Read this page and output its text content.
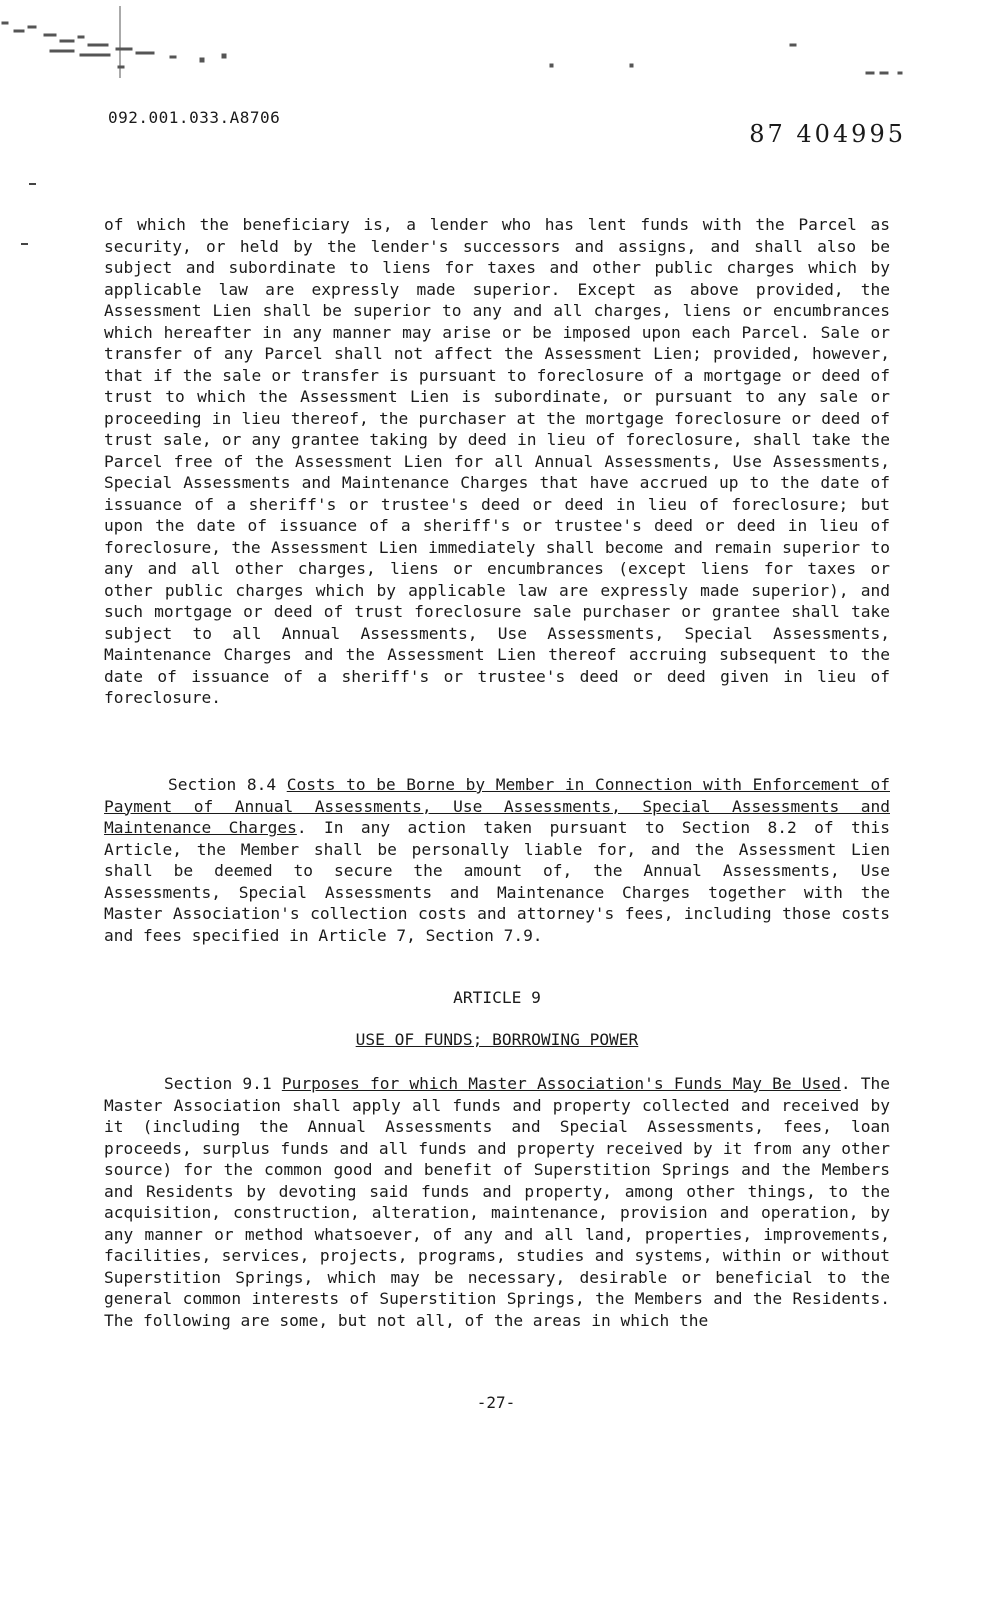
092.001.033.A8706
87 404995

of which the beneficiary is, a lender who has lent funds with the Parcel as security, or held by the lender's successors and assigns, and shall also be subject and subordinate to liens for taxes and other public charges which by applicable law are expressly made superior. Except as above provided, the Assessment Lien shall be superior to any and all charges, liens or encumbrances which hereafter in any manner may arise or be imposed upon each Parcel. Sale or transfer of any Parcel shall not affect the Assessment Lien; provided, however, that if the sale or transfer is pursuant to foreclosure of a mortgage or deed of trust to which the Assessment Lien is subordinate, or pursuant to any sale or proceeding in lieu thereof, the purchaser at the mortgage foreclosure or deed of trust sale, or any grantee taking by deed in lieu of foreclosure, shall take the Parcel free of the Assessment Lien for all Annual Assessments, Use Assessments, Special Assessments and Maintenance Charges that have accrued up to the date of issuance of a sheriff's or trustee's deed or deed in lieu of foreclosure; but upon the date of issuance of a sheriff's or trustee's deed or deed in lieu of foreclosure, the Assessment Lien immediately shall become and remain superior to any and all other charges, liens or encumbrances (except liens for taxes or other public charges which by applicable law are expressly made superior), and such mortgage or deed of trust foreclosure sale purchaser or grantee shall take subject to all Annual Assessments, Use Assessments, Special Assessments, Maintenance Charges and the Assessment Lien thereof accruing subsequent to the date of issuance of a sheriff's or trustee's deed or deed given in lieu of foreclosure.

Section 8.4 Costs to be Borne by Member in Connection with Enforcement of Payment of Annual Assessments, Use Assessments, Special Assessments and Maintenance Charges. In any action taken pursuant to Section 8.2 of this Article, the Member shall be personally liable for, and the Assessment Lien shall be deemed to secure the amount of, the Annual Assessments, Use Assessments, Special Assessments and Maintenance Charges together with the Master Association's collection costs and attorney's fees, including those costs and fees specified in Article 7, Section 7.9.

ARTICLE 9
USE OF FUNDS; BORROWING POWER

Section 9.1 Purposes for which Master Association's Funds May Be Used. The Master Association shall apply all funds and property collected and received by it (including the Annual Assessments and Special Assessments, fees, loan proceeds, surplus funds and all funds and property received by it from any other source) for the common good and benefit of Superstition Springs and the Members and Residents by devoting said funds and property, among other things, to the acquisition, construction, alteration, maintenance, provision and operation, by any manner or method whatsoever, of any and all land, properties, improvements, facilities, services, projects, programs, studies and systems, within or without Superstition Springs, which may be necessary, desirable or beneficial to the general common interests of Superstition Springs, the Members and the Residents. The following are some, but not all, of the areas in which the

-27-
